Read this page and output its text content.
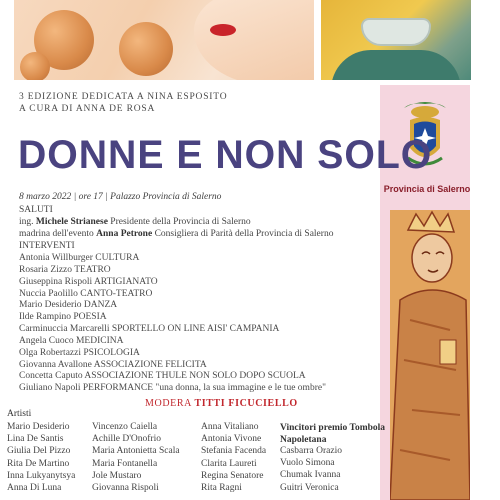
Provincia di Salerno
3 EDIZIONE DEDICATA A NINA ESPOSITO
A CURA DI ANNA DE ROSA
DONNE E NON SOLO
8 marzo 2022 | ore 17 | Palazzo Provincia di Salerno
SALUTI
ing. Michele Strianese Presidente della Provincia di Salerno
madrina dell'evento Anna Petrone Consigliera di Parità della Provincia di Salerno
INTERVENTI
Antonia Willburger CULTURA
Rosaria Zizzo TEATRO
Giuseppina Rispoli ARTIGIANATO
Nuccia Paolillo CANTO-TEATRO
Mario Desiderio DANZA
Ilde Rampino POESIA
Carminuccia Marcarelli SPORTELLO ON LINE AISI' CAMPANIA
Angela Cuoco MEDICINA
Olga Robertazzi PSICOLOGIA
Giovanna Avallone ASSOCIAZIONE FELICITA
Concetta Caputo ASSOCIAZIONE THULE NON SOLO DOPO SCUOLA
Giuliano Napoli PERFORMANCE "una donna, la sua immagine e le tue ombre"
MODERA TITTI FICUCIELLO
Artisti
Mario Desiderio
Lina De Santis
Giulia Del Pizzo
Rita De Martino
Inna Lukyanytsya
Anna Di Luna
Vincenzo Caiella
Achille D'Onofrio
Maria Antonietta Scala
Maria Fontanella
Jole Mustaro
Giovanna Rispoli
Anna Vitaliano
Antonia Vivone
Stefania Facenda
Clarita Laureti
Regina Senatore
Rita Ragni
Vincitori premio Tombola
Napoletana
Casbarra Orazio
Vuolo Simona
Chumak Ivanna
Guitri Veronica
